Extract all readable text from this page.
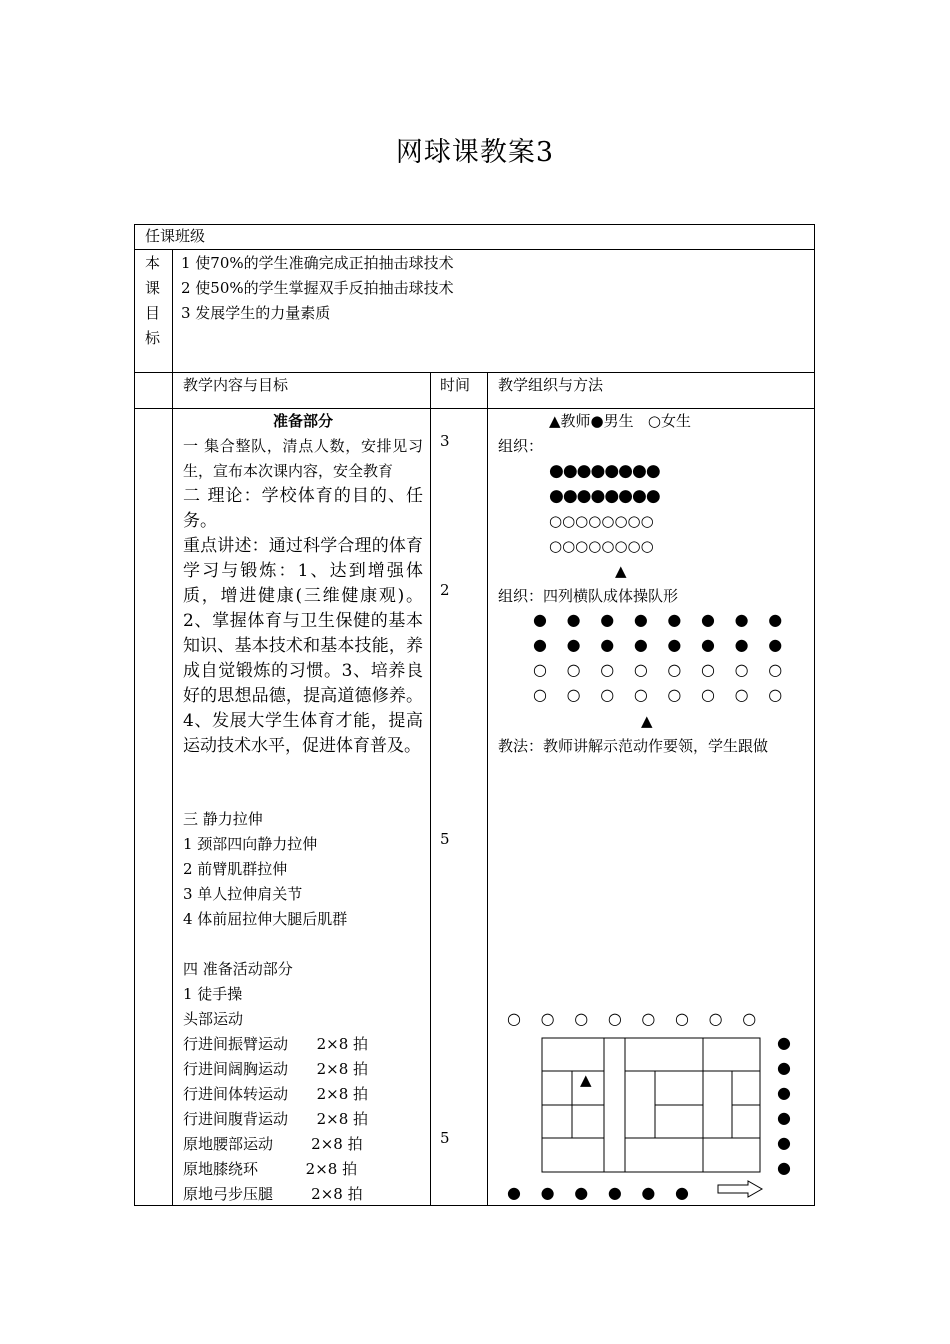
网球课教案3
任课班级
本
课
目
标
1 使70%的学生准确完成正拍抽击球技术
2 使50%的学生掌握双手反拍抽击球技术
3 发展学生的力量素质
教学内容与目标	时间 教学组织与方法
准备部分
一 集合整队，清点人数，安排见习生，宣布本次课内容，安全教育
二 理论：学校体育的目的、任务。
重点讲述：通过科学合理的体育学习与锻炼：1、达到增强体质，增进健康(三维健康观)。2、掌握体育与卫生保健的基本知识、基本技术和基本技能，养成自觉锻炼的习惯。3、培养良好的思想品德，提高道德修养。4、发展大学生体育才能，提高运动技术水平，促进体育普及。
三 静力拉伸
1 颈部四向静力拉伸
2 前臂肌群拉伸
3 单人拉伸肩关节
4 体前屈拉伸大腿后肌群
四 准备活动部分
1 徒手操
头部运动
行进间振臂运动      2×8 拍
行进间阔胸运动      2×8 拍
行进间体转运动      2×8 拍
行进间腹背运动      2×8 拍
原地腰部运动        2×8 拍
原地膝绕环          2×8 拍
原地弓步压腿        2×8 拍
3
2
5
5
▲教师●男生   ○女生
组织：
●●●●●●●●
●●●●●●●●
○○○○○○○○
○○○○○○○○
▲
组织：四列横队成体操队形
● ● ● ● ● ● ● ●
● ● ● ● ● ● ● ●
○ ○ ○ ○ ○ ○ ○ ○
○ ○ ○ ○ ○ ○ ○ ○
▲
教法：教师讲解示范动作要领，学生跟做
▲
○ ○ ○ ○ ○ ○ ○ ○
●
●
●
●
●
●
● ● ● ● ● ●
